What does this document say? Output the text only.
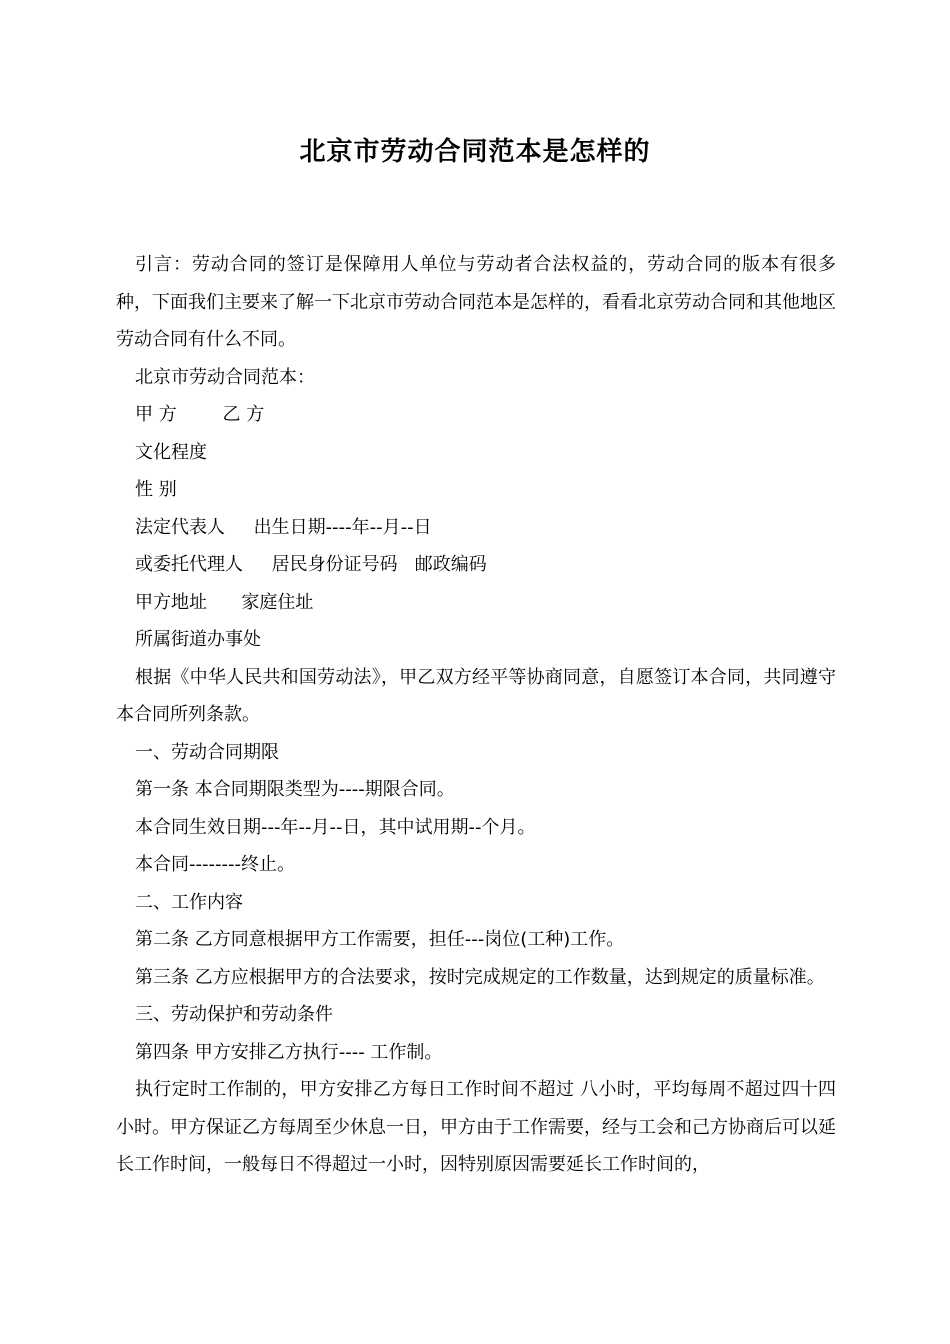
北京市劳动合同范本是怎样的

引言：劳动合同的签订是保障用人单位与劳动者合法权益的，劳动合同的版本有很多种，下面我们主要来了解一下北京市劳动合同范本是怎样的，看看北京劳动合同和其他地区劳动合同有什么不同。

北京市劳动合同范本：

甲 方        乙 方

文化程度

性 别

法定代表人     出生日期----年--月--日

或委托代理人     居民身份证号码   邮政编码

甲方地址      家庭住址

所属街道办事处

根据《中华人民共和国劳动法》，甲乙双方经平等协商同意，自愿签订本合同，共同遵守本合同所列条款。

一、劳动合同期限

第一条 本合同期限类型为----期限合同。

本合同生效日期---年--月--日，其中试用期--个月。

本合同--------终止。

二、工作内容

第二条 乙方同意根据甲方工作需要，担任---岗位(工种)工作。

第三条 乙方应根据甲方的合法要求，按时完成规定的工作数量，达到规定的质量标准。

三、劳动保护和劳动条件

第四条 甲方安排乙方执行---- 工作制。

执行定时工作制的，甲方安排乙方每日工作时间不超过 八小时，平均每周不超过四十四小时。甲方保证乙方每周至少休息一日，甲方由于工作需要，经与工会和己方协商后可以延长工作时间，一般每日不得超过一小时，因特别原因需要延长工作时间的，
